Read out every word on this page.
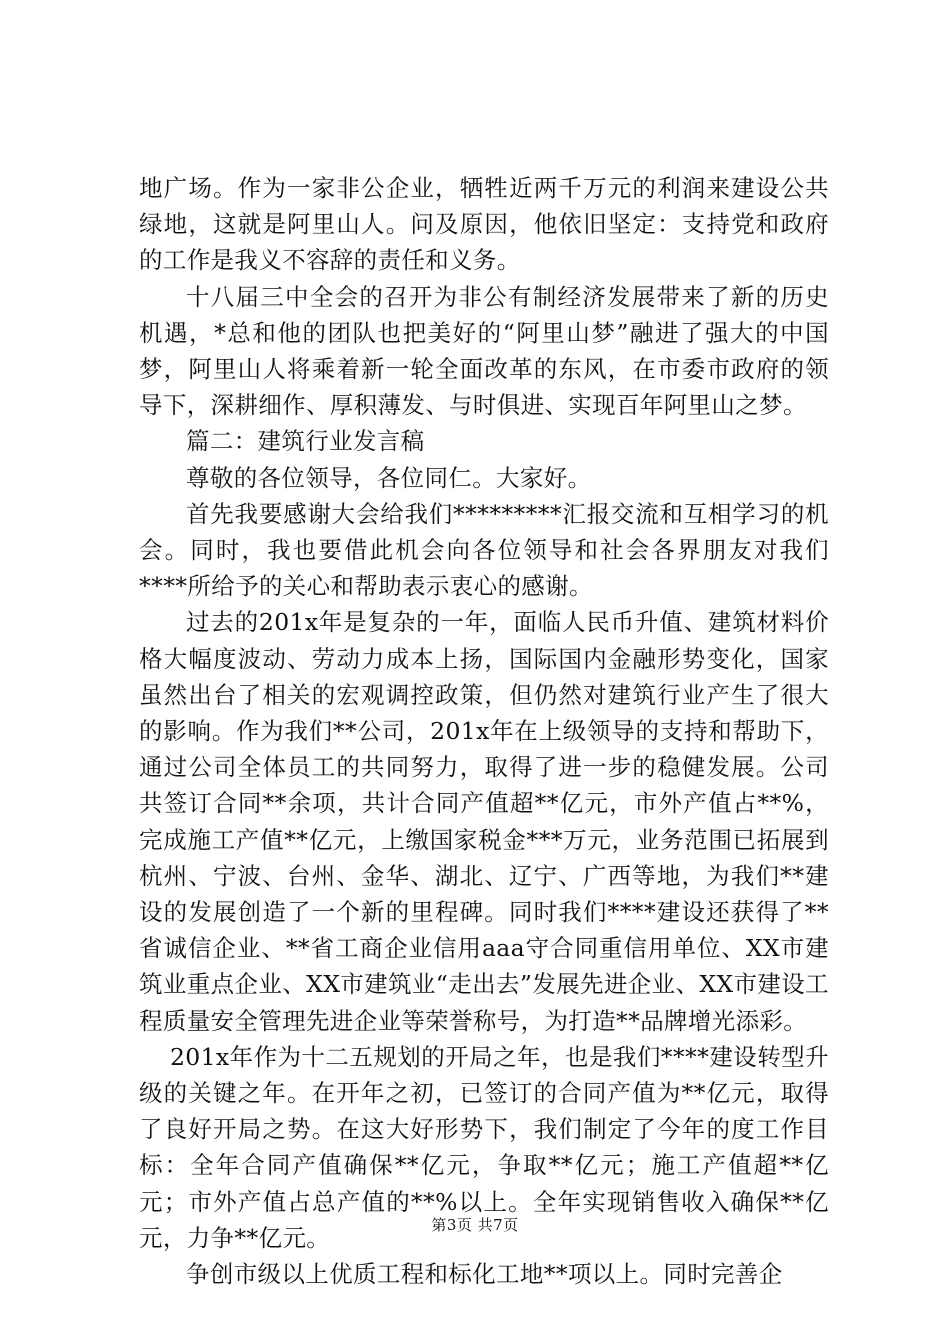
地广场。作为一家非公企业，牺牲近两千万元的利润来建设公共绿地，这就是阿里山人。问及原因，他依旧坚定：支持党和政府的工作是我义不容辞的责任和义务。

十八届三中全会的召开为非公有制经济发展带来了新的历史机遇，*总和他的团队也把美好的“阿里山梦”融进了强大的中国梦，阿里山人将乘着新一轮全面改革的东风，在市委市政府的领导下，深耕细作、厚积薄发、与时俱进、实现百年阿里山之梦。

篇二：建筑行业发言稿

尊敬的各位领导，各位同仁。大家好。

首先我要感谢大会给我们*********汇报交流和互相学习的机会。同时，我也要借此机会向各位领导和社会各界朋友对我们****所给予的关心和帮助表示衷心的感谢。

过去的201x年是复杂的一年，面临人民币升值、建筑材料价格大幅度波动、劳动力成本上扬，国际国内金融形势变化，国家虽然出台了相关的宏观调控政策，但仍然对建筑行业产生了很大的影响。作为我们**公司，201x年在上级领导的支持和帮助下，通过公司全体员工的共同努力，取得了进一步的稳健发展。公司共签订合同**余项，共计合同产值超**亿元，市外产值占**%，完成施工产值**亿元，上缴国家税金***万元，业务范围已拓展到杭州、宁波、台州、金华、湖北、辽宁、广西等地，为我们**建设的发展创造了一个新的里程碑。同时我们****建设还获得了**省诚信企业、**省工商企业信用aaa守合同重信用单位、XX市建筑业重点企业、XX市建筑业“走出去”发展先进企业、XX市建设工程质量安全管理先进企业等荣誉称号，为打造**品牌增光添彩。

201x年作为十二五规划的开局之年，也是我们****建设转型升级的关键之年。在开年之初，已签订的合同产值为**亿元，取得了良好开局之势。在这大好形势下，我们制定了今年的度工作目标：全年合同产值确保**亿元，争取**亿元；施工产值超**亿元；市外产值占总产值的**%以上。全年实现销售收入确保**亿元，力争**亿元。

争创市级以上优质工程和标化工地**项以上。同时完善企

第3页 共7页
